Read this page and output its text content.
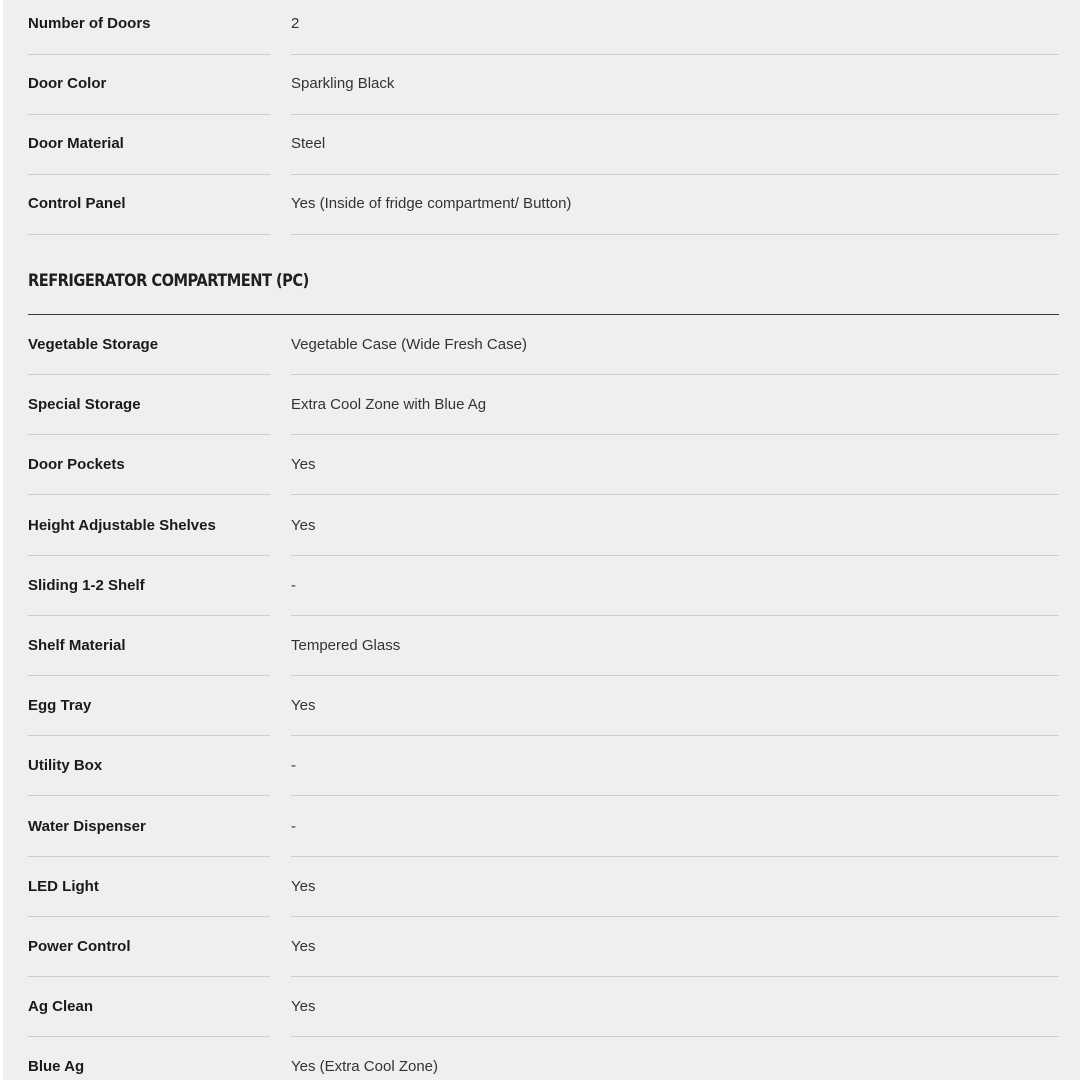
Number of Doors	2
Door Color	Sparkling Black
Door Material	Steel
Control Panel	Yes (Inside of fridge compartment/ Button)
REFRIGERATOR COMPARTMENT (PC)
Vegetable Storage	Vegetable Case (Wide Fresh Case)
Special Storage	Extra Cool Zone with Blue Ag
Door Pockets	Yes
Height Adjustable Shelves	Yes
Sliding 1-2 Shelf	-
Shelf Material	Tempered Glass
Egg Tray	Yes
Utility Box	-
Water Dispenser	-
LED Light	Yes
Power Control	Yes
Ag Clean	Yes
Blue Ag	Yes (Extra Cool Zone)
